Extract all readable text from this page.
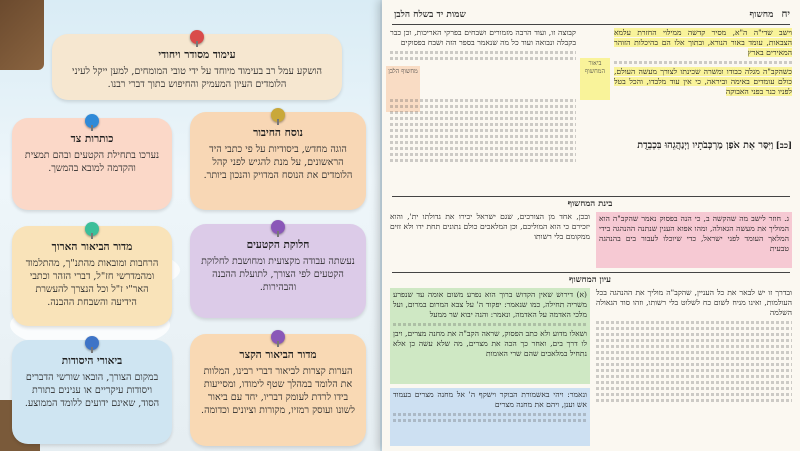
עימוד מסודר ויחודי
הושקע עמל רב בעימוד מיוחד על ידי טובי המומחים, למען ייקל לעיני הלומדים העיון המעמיק והחיפוש בתוך דברי רבנו.
כותרות צד
נערכו בתחילת הקטעים ובהם תמצית והקדמה למובא בהמשך.
נוסח החיבור
הוגה מחדש, ביסודיות על פי כתבי היד הראשונים, על מנת להגיש לפני קהל הלומדים את הנוסח המדויק והנכון ביותר.
מדור הביאור הארוך
הרחבות ומובאות מהתנ"ך, מהתלמוד ומהמדרשי חז"ל, דברי הזהר וכתבי האר"י ז"ל וכל הנצרך להעשרת הידיעה והשבחת ההבנה.
חלוקת הקטעים
נעשתה עבודה מקצועית ומחושבת לחלוקת הקטעים לפי הצורך, לתועלת ההבנה והבהירות.
ביאורי היסודות
במקום הצורך, הובאו שורשי הדברים ויסודות עיקריים או ענינים בתורת הסוד, שאינם ידועים ללומד הממוצע.
מדור הביאור הקצר
הערות קצרות לביאור דברי רבינו, המלוות את הלומד במהלך שטף לימודו, ומסייעות בידו לרדת לעומק דבריו, יחד עם ביאור לשונו ועוסק רמזיו, מקורות וציונים וכדומה.
יח
מחשוף
שמות יד בשלח הלבן
וישב שדי"ה ה"א, מסיר קדשה ממילוי החזרת עלמא הצבאות, עומד באור הנורא, ובתוך אלו הם בהיכלות הזוהר המאירים בארץ
כשהקב"ה מגלה כבודו ומשרה שכינתו לצורך מעשה העולם, כולם עומדים באימה וביראה, כי אין עוד מלבדו, והכל בטל לפניו כנר בפני האבוקה
ביאור המחשוף
קבוצה זו, ועוד הרבה מזמורים ושבחים בפרקי האריכות, וכן כבר בקבלה ונבואה ועוד כל מה שנאמר בספר הזה ושבח בפסוקים
מחשוף הלבן
[כב] וַיִּסַּר אֵת אֹפַן מַרְכְּבֹתָיו וַיְנַהֲגֵהוּ בִּכְבֵדֻת
בינת המחשוף
ג. חוזר לישב מה שהקשה ב, כי הנה בפסוק נאמר שהקב"ה הוא המוליך את מעשה הגאולה, ומהו אפוא הענין שנתנה ההנהגה בידי המלאך העומד לפני ישראל, כדי שיוכלו לעבור בים בהנהגה טבעית
ובכן, אחד מן הצורכים, שגם ישראל יכירו את גדולתו ית', והוא יזכירם כי הוא המוליכם, וכן המלאכים כולם נתונים תחת ידו ולא זזים ממקומם בלי רשותו
עיון המחשוף
(א) דירוש שאין הקדוש ברוך הוא נפרע משום אומה עד שנפרע משריה תחילה, כמו שנאמר: יפקוד ה' על צבא המרום במרום, ועל מלכי האדמה על האדמה, ונאמר: והנה יבוא שר ממעל
ושאלו מדוע ולא כתב הפסוק, שראה הקב"ה את מחנה מצרים, ויבן לו דרך בים, ואחר כך הכה את מצרים, מה שלא עשה כן אלא נתחיל במלאכים שהם שרי האומות
ונאמר: ויהי באשמורת הבוקר וישקף ה' אל מחנה מצרים בעמוד אש וענן, ויהם את מחנה מצרים
ובדרך זו יש לבאר את כל העניין, שהקב"ה מוליך את ההנהגה בכל העולמות, ואינו מניח לשום כח לשלוט בלי רשותו, וזהו סוד הגאולה השלמה
